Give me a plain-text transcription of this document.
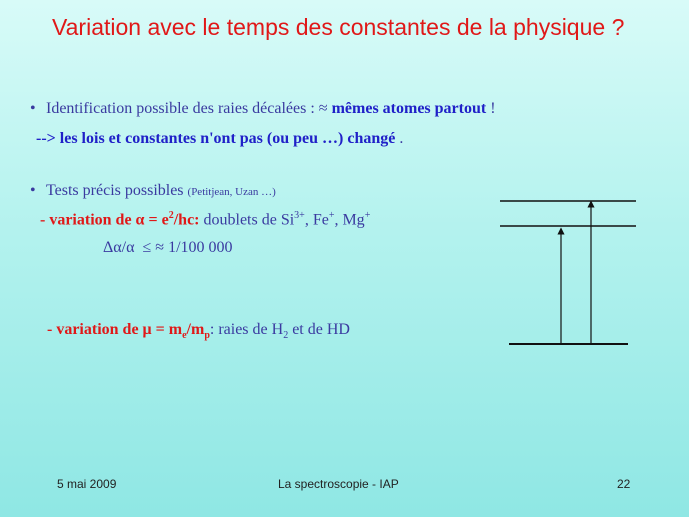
Variation avec le temps des constantes de la physique ?
• Identification possible des raies décalées : ≈ mêmes atomes partout !
--> les lois et constantes n'ont pas (ou peu …) changé .
• Tests précis possibles (Petitjean, Uzan …)
- variation de $\alpha = e^2/hc$: doublets de $Si^{3+}$, Fe+, Mg+
Δα/α ≤ ≈ 1/100 000
- variation de $\mu = m_e/m_p$: raies de $H_2$ et de HD
5 mai 2009	La spectroscopie - IAP	22
